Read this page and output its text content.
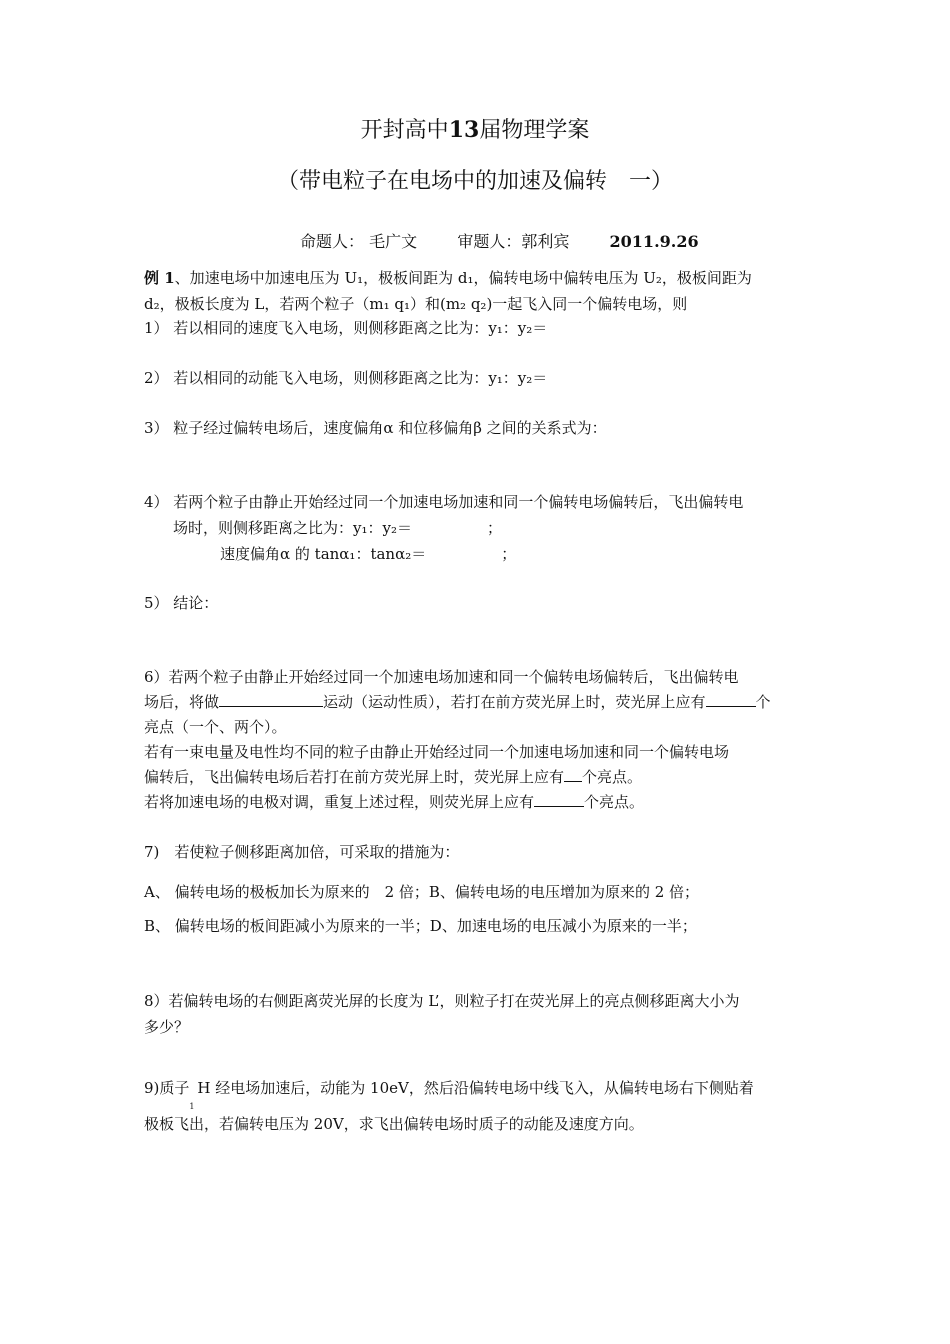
开封高中13届物理学案
（带电粒子在电场中的加速及偏转　一）
命题人： 毛广文	审题人：郭利宾	2011.9.26
例 1、加速电场中加速电压为 U₁，极板间距为 d₁，偏转电场中偏转电压为 U₂，极板间距为
d₂，极板长度为 L，若两个粒子（m₁ q₁）和(m₂ q₂)一起飞入同一个偏转电场，则
1） 若以相同的速度飞入电场，则侧移距离之比为：y₁：y₂＝
2） 若以相同的动能飞入电场，则侧移距离之比为：y₁：y₂＝
3） 粒子经过偏转电场后，速度偏角α 和位移偏角β 之间的关系式为：
4） 若两个粒子由静止开始经过同一个加速电场加速和同一个偏转电场偏转后，飞出偏转电
场时，则侧移距离之比为：y₁：y₂＝　　　　　；
速度偏角α 的 tanα₁：tanα₂＝　　　　　；
5） 结论：
6）若两个粒子由静止开始经过同一个加速电场加速和同一个偏转电场偏转后，飞出偏转电
场后，将做	运动（运动性质），若打在前方荧光屏上时，荧光屏上应有	个
亮点（一个、两个）。
若有一束电量及电性均不同的粒子由静止开始经过同一个加速电场加速和同一个偏转电场
偏转后，飞出偏转电场后若打在前方荧光屏上时，荧光屏上应有 个亮点。
若将加速电场的电极对调，重复上述过程，则荧光屏上应有	个亮点。
7)　若使粒子侧移距离加倍，可采取的措施为：
A、 偏转电场的极板加长为原来的　2 倍；B、偏转电场的电压增加为原来的 2 倍；
B、 偏转电场的板间距减小为原来的一半；D、加速电场的电压减小为原来的一半；
8）若偏转电场的右侧距离荧光屏的长度为 L’，则粒子打在荧光屏上的亮点侧移距离大小为
多少？
9)质子
1
H 经电场加速后，动能为 10eV，然后沿偏转电场中线飞入，从偏转电场右下侧贴着
极板飞出，若偏转电压为 20V，求飞出偏转电场时质子的动能及速度方向。
